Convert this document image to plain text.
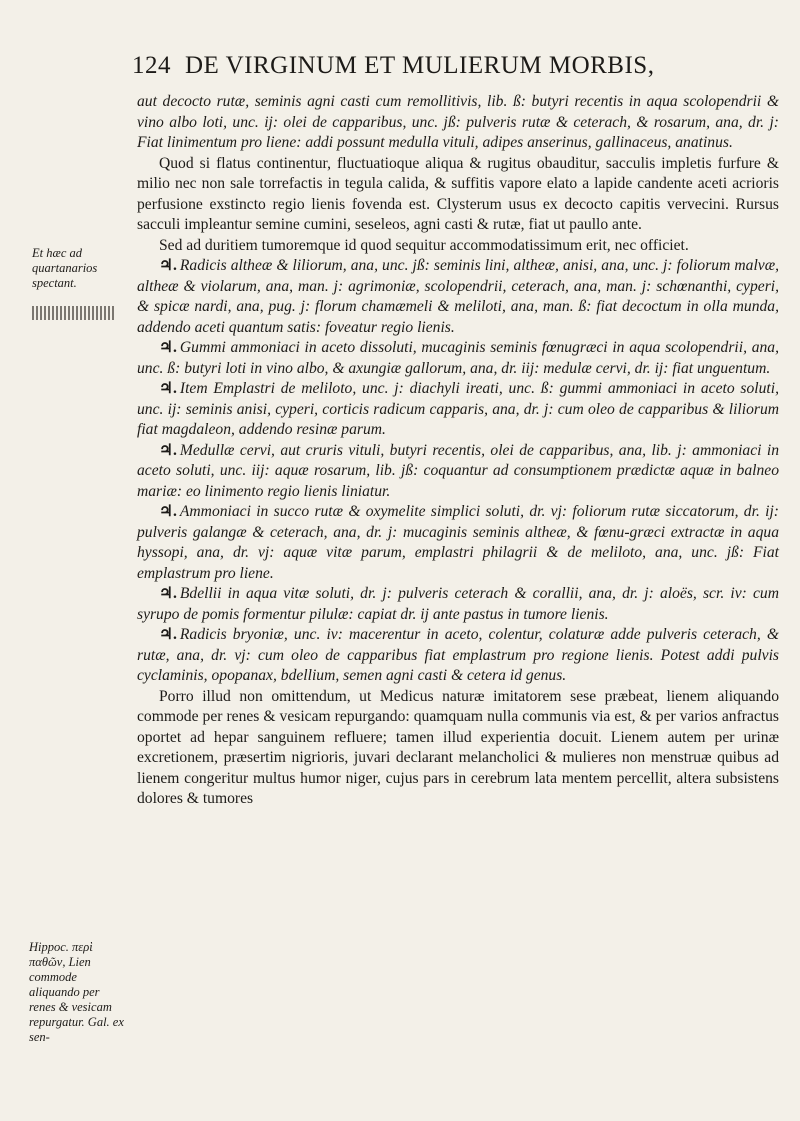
124 DE VIRGINUM ET MULIERUM MORBIS,
Et hæc ad quartanarios spectant.
Hippoc. περὶ παθῶν, Lien commode aliquando per renes & vesicam repurgatur. Gal. ex sen-

aut decocto rutæ, seminis agni casti cum remollitivis, lib. ß: butyri recentis in aqua scolopendrii & vino albo loti, unc. ij: olei de capparibus, unc. jß: pulveris rutæ & ceterach, & rosarum, ana, dr. j: Fiat linimentum pro liene: addi possunt medulla vituli, adipes anserinus, gallinaceus, anatinus.

Quod si flatus continentur, fluctuatioque aliqua & rugitus obauditur, sacculis impletis furfure & milio nec non sale torrefactis in tegula calida, & suffitis vapore elato a lapide candente aceti acrioris perfusione exstincto regio lienis fovenda est. Clysterum usus ex decocto capitis vervecini. Rursus sacculi impleantur semine cumini, seseleos, agni casti & rutæ, fiat ut paullo ante.

Sed ad duritiem tumoremque id quod sequitur accommodatissimum erit, nec officiet.

♃. Radicis altheæ & liliorum, ana, unc. jß: seminis lini, altheæ, anisi, ana, unc. j: foliorum malvæ, altheæ & violarum, ana, man. j: agrimoniæ, scolopendrii, ceterach, ana, man. j: schœnanthi, cyperi, & spicæ nardi, ana, pug. j: florum chamæmeli & meliloti, ana, man. ß: fiat decoctum in olla munda, addendo aceti quantum satis: foveatur regio lienis.

♃. Gummi ammoniaci in aceto dissoluti, mucaginis seminis fœnugræci in aqua scolopendrii, ana, unc. ß: butyri loti in vino albo, & axungiæ gallorum, ana, dr. iij: medulæ cervi, dr. ij: fiat unguentum.

♃. Item Emplastri de meliloto, unc. j: diachyli ireati, unc. ß: gummi ammoniaci in aceto soluti, unc. ij: seminis anisi, cyperi, corticis radicum capparis, ana, dr. j: cum oleo de capparibus & liliorum fiat magdaleon, addendo resinæ parum.

♃. Medullæ cervi, aut cruris vituli, butyri recentis, olei de capparibus, ana, lib. j: ammoniaci in aceto soluti, unc. iij: aquæ rosarum, lib. jß: coquantur ad consumptionem prædictæ aquæ in balneo mariæ: eo linimento regio lienis liniatur.

♃. Ammoniaci in succo rutæ & oxymelite simplici soluti, dr. vj: foliorum rutæ siccatorum, dr. ij: pulveris galangæ & ceterach, ana, dr. j: mucaginis seminis altheæ, & fœnu-græci extractæ in aqua hyssopi, ana, dr. vj: aquæ vitæ parum, emplastri philagrii & de meliloto, ana, unc. jß: Fiat emplastrum pro liene.

♃. Bdellii in aqua vitæ soluti, dr. j: pulveris ceterach & corallii, ana, dr. j: aloës, scr. iv: cum syrupo de pomis formentur pilulæ: capiat dr. ij ante pastus in tumore lienis.

♃. Radicis bryoniæ, unc. iv: macerentur in aceto, colentur, colaturæ adde pulveris ceterach, & rutæ, ana, dr. vj: cum oleo de capparibus fiat emplastrum pro regione lienis. Potest addi pulvis cyclaminis, opopanax, bdellium, semen agni casti & cetera id genus.

Porro illud non omittendum, ut Medicus naturæ imitatorem sese præbeat, lienem aliquando commode per renes & vesicam repurgando: quamquam nulla communis via est, & per varios anfractus oportet ad hepar sanguinem refluere; tamen illud experientia docuit. Lienem autem per urinæ excretionem, præsertim nigrioris, juvari declarant melancholici & mulieres non menstruæ quibus ad lienem congeritur multus humor niger, cujus pars in cerebrum lata mentem percellit, altera subsistens dolores & tumores
